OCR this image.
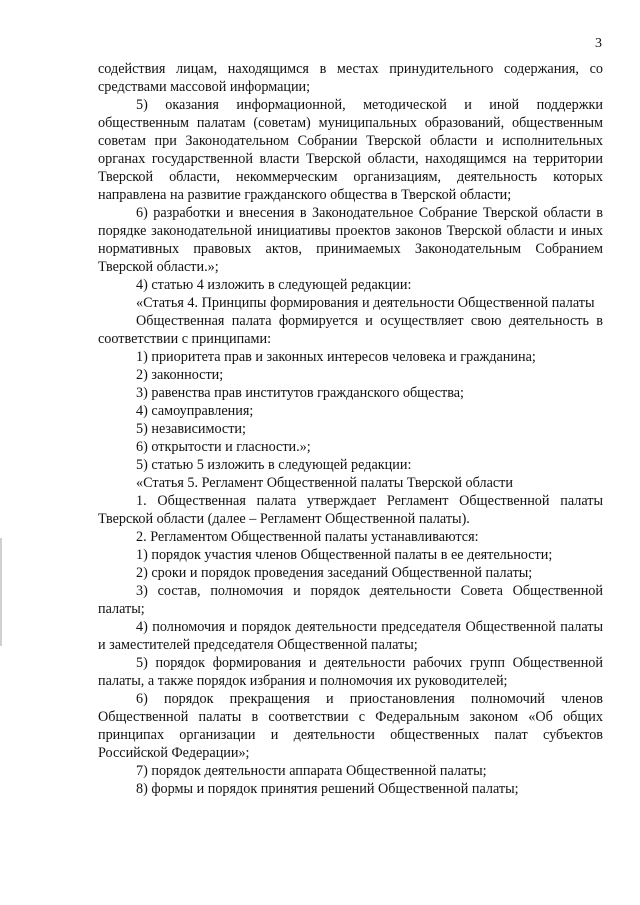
3

содействия лицам, находящимся в местах принудительного содержания, со средствами массовой информации;

5) оказания информационной, методической и иной поддержки общественным палатам (советам) муниципальных образований, общественным советам при Законодательном Собрании Тверской области и исполнительных органах государственной власти Тверской области, находящимся на территории Тверской области, некоммерческим организациям, деятельность которых направлена на развитие гражданского общества в Тверской области;

6) разработки и внесения в Законодательное Собрание Тверской области в порядке законодательной инициативы проектов законов Тверской области и иных нормативных правовых актов, принимаемых Законодательным Собранием Тверской области.»;

4) статью 4 изложить в следующей редакции:

«Статья 4. Принципы формирования и деятельности Общественной палаты

Общественная палата формируется и осуществляет свою деятельность в соответствии с принципами:

1) приоритета прав и законных интересов человека и гражданина;

2) законности;

3) равенства прав институтов гражданского общества;

4) самоуправления;

5) независимости;

6) открытости и гласности.»;

5) статью 5 изложить в следующей редакции:

«Статья 5. Регламент Общественной палаты Тверской области

1. Общественная палата утверждает Регламент Общественной палаты Тверской области (далее – Регламент Общественной палаты).

2. Регламентом Общественной палаты устанавливаются:

1) порядок участия членов Общественной палаты в ее деятельности;

2) сроки и порядок проведения заседаний Общественной палаты;

3) состав, полномочия и порядок деятельности Совета Общественной палаты;

4) полномочия и порядок деятельности председателя Общественной палаты и заместителей председателя Общественной палаты;

5) порядок формирования и деятельности рабочих групп Общественной палаты, а также порядок избрания и полномочия их руководителей;

6) порядок прекращения и приостановления полномочий членов Общественной палаты в соответствии с Федеральным законом «Об общих принципах организации и деятельности общественных палат субъектов Российской Федерации»;

7) порядок деятельности аппарата Общественной палаты;

8) формы и порядок принятия решений Общественной палаты;
